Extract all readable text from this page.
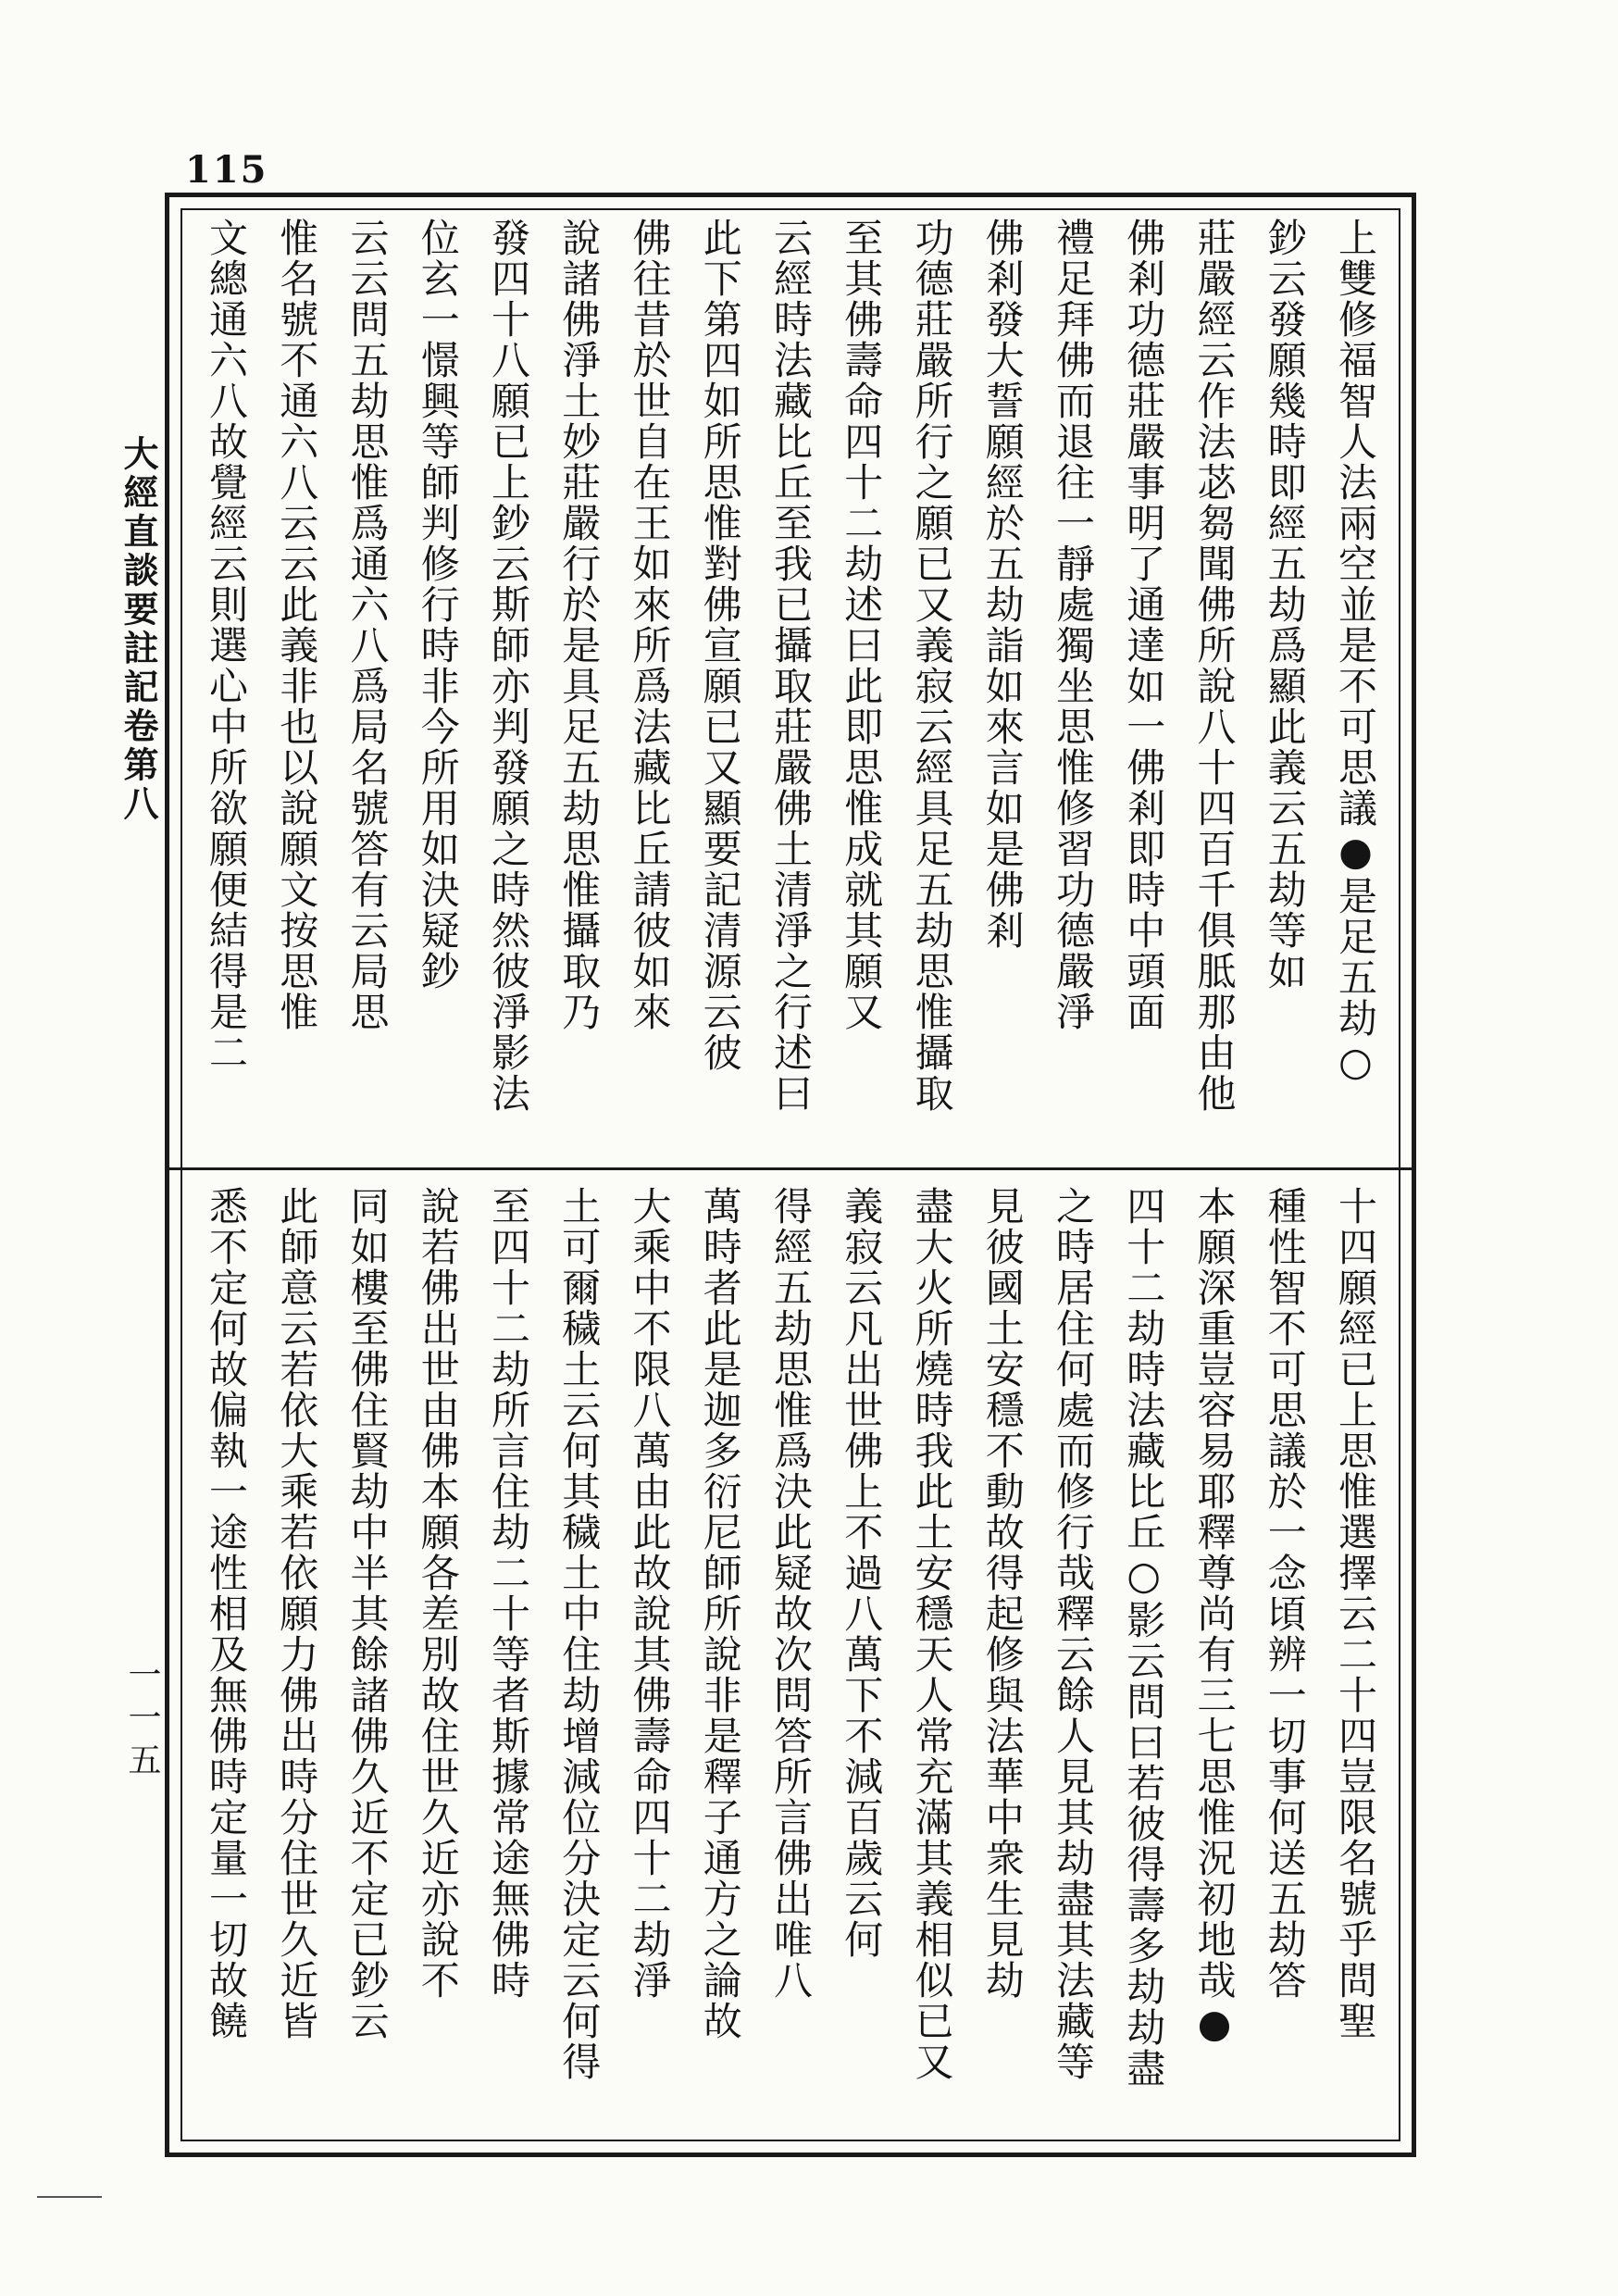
115
大經直談要註記卷第八
一一五
上雙修福智人法兩空並是不可思議●是足五劫○
鈔云發願幾時即經五劫爲顯此義云五劫等如
莊嚴經云作法苾芻聞佛所說八十四百千俱胝那由他
佛剎功德莊嚴事明了通達如一佛剎即時中頭面
禮足拜佛而退往一靜處獨坐思惟修習功德嚴淨
佛剎發大誓願經於五劫詣如來言如是佛剎
功德莊嚴所行之願已又義寂云經具足五劫思惟攝取
至其佛壽命四十二劫述曰此即思惟成就其願又
云經時法藏比丘至我已攝取莊嚴佛土清淨之行述曰
此下第四如所思惟對佛宣願已又顯要記清源云彼
佛往昔於世自在王如來所爲法藏比丘請彼如來
說諸佛淨土妙莊嚴行於是具足五劫思惟攝取乃
發四十八願已上鈔云斯師亦判發願之時然彼淨影法
位玄一憬興等師判修行時非今所用如決疑鈔
云云問五劫思惟爲通六八爲局名號答有云局思
惟名號不通六八云云此義非也以說願文按思惟
文總通六八故覺經云則選心中所欲願便結得是二
十四願經已上思惟選擇云二十四豈限名號乎問聖
種性智不可思議於一念頃辨一切事何送五劫答
本願深重豈容易耶釋尊尚有三七思惟況初地哉●
四十二劫時法藏比丘○影云問曰若彼得壽多劫劫盡
之時居住何處而修行哉釋云餘人見其劫盡其法藏等
見彼國土安穩不動故得起修與法華中衆生見劫
盡大火所燒時我此土安穩天人常充滿其義相似已又
義寂云凡出世佛上不過八萬下不減百歲云何
得經五劫思惟爲決此疑故次問答所言佛出唯八
萬時者此是迦多衍尼師所說非是釋子通方之論故
大乘中不限八萬由此故說其佛壽命四十二劫淨
土可爾穢土云何其穢土中住劫增減位分決定云何得
至四十二劫所言住劫二十等者斯據常途無佛時
說若佛出世由佛本願各差別故住世久近亦說不
同如樓至佛住賢劫中半其餘諸佛久近不定已鈔云
此師意云若依大乘若依願力佛出時分住世久近皆
悉不定何故偏執一途性相及無佛時定量一切故饒
